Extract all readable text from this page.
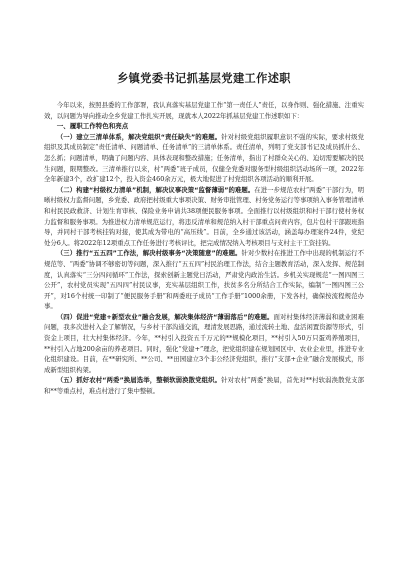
乡镇党委书记抓基层党建工作述职

今年以来，按照县委的工作部署，我认真落实基层党建工作“第一责任人”责任，以身作则、强化措施、注重实效，以问题为导向推动全乡党建工作扎实开展，现就本人2022年抓基层党建工作述职如下：

一、履职工作特色和亮点

（一）建立三清单体系，解决党组织“责任缺失”的难题。针对村级党组织履职意识不强的实际，要求村级党组织及其成员制定“责任清单、问题清单、任务清单”的三清单体系。责任清单，列明了党支部书记及成员抓什么、怎么抓；问题清单，明确了问题内容、具体表现和整改措施；任务清单，指出了村群众关心的、迫切需要解决的民生问题，限期整改。三清单推行以来，村“两委”班子成员，仅健全党委对服务型村级组织活动场所一项，2022年全年新建3个，改扩建12个，投入资金460余万元，极大地促进了村党组织各项活动的顺利开展。

（二）构建“村级权力清单”机制，解决议事决策“监督薄弱”的难题。在进一步规范农村“两委”干部行为，明晰村级权力监督问题，乡党委、政府把村级重大事项决策、财务审批管理、村务党务运行等事项纳入事务管理清单和村民民政救济、计划生育审核、保险业务申请共38项便民服务事项。全面推行以村级组织和村干部行使村务权力监督和服务事项。为推进权力清单规范运行，将违反清单和规范纳入村干部重点问责内容，包片包村干部跟班指导，并同村干部考核挂钩对接，使其成为带电的“高压线”。目前，全乡通过该活动，涵盖每办理案件24件，党纪处分6人。将2022年12项重点工作任务进行考核评比，把完成情况纳入考核项目与支村主干工资挂钩。

（三）推行“五五四”工作法，解决村级事务“决策随意”的难题。针对少数村在推进工作中出现的机制运行不规范等、“两委”协调不够密切等问题，深入推行“五五四”村民治理工作法，结合主题教育活动，深入发挥、规范制度，认真落实“三分四问循环”工作法，探索创新主题党日活动，严肃党内政治生活。乡机关实现规范“一图四图三公开”，农村党员实现“五四四”村民议事，充实基层组织工作，扶贫多名分所结合工作实际，编制“一图四图三公开”，对16个村统一印制了“便民服务手册”和两委班子成员“工作手册”1000余册，下发各村，确保按流程规范办事。

（四）促进“党建+新型农业”融合发展，解决集体经济“薄弱落后”的难题。面对村集体经济薄弱和就业困难问题，我多次进村入企了解情况，与乡村干部沟通交流，理清发展思路，通过流转土地、盘活闲置资源等形式，引资金上项目，壮大村集体经济。今年，**村引入投资五千万元的**规模化项目，**村引入50万只蛋鸡养殖项目，**村引入占地200余亩的养老项目。同时，强化“党建+”理念，把党组织建在规划园区中、农业企业里，推进专业化组织建设。目前，在**研究所、**公司、**田园建立3个非公经济党组织，推行“支部+企业”融合发展模式，形成新型组织构架。

（五）抓好农村“两委”换届选举，整顿软弱涣散党组织。针对农村“两委”换届，首先对**村软弱涣散党支部和**等重点村，难点村进行了集中整顿。
